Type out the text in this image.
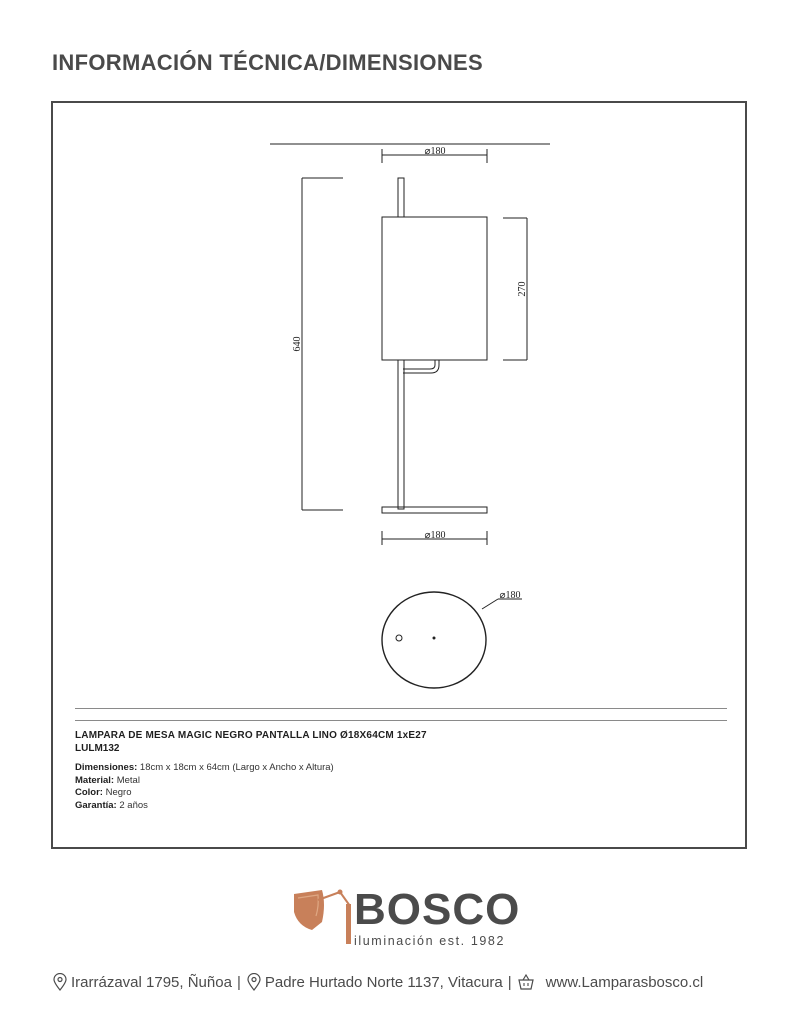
INFORMACIÓN TÉCNICA/DIMENSIONES
⌀180
⌀180
640
270
⌀180
LAMPARA DE MESA MAGIC NEGRO PANTALLA LINO Ø18X64CM 1xE27
LULM132
Dimensiones: 18cm x 18cm x 64cm (Largo x Ancho x Altura)
Material: Metal
Color: Negro
Garantía: 2 años
BOSCO
iluminación est. 1982
Irarrázaval 1795, Ñuñoa | Padre Hurtado Norte 1137, Vitacura | www.Lamparasbosco.cl
